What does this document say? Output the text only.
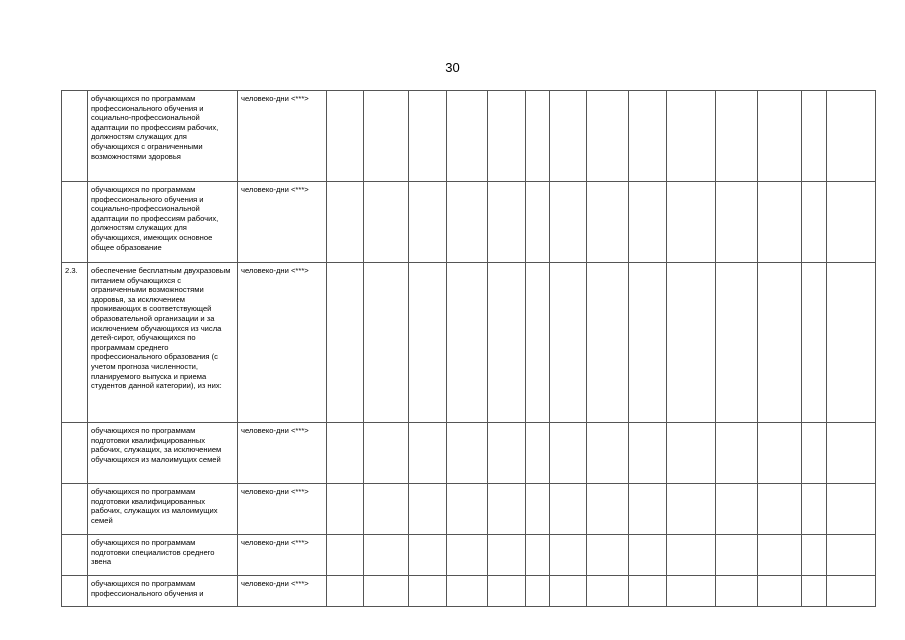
30
	обучающихся по программам профессионального обучения и социально-профессиональной адаптации по профессиям рабочих, должностям служащих для обучающихся с ограниченными возможностями здоровья	человеко-дни <***>														
	обучающихся по программам профессионального обучения и социально-профессиональной адаптации по профессиям рабочих, должностям служащих для обучающихся, имеющих основное общее образование	человеко-дни <***>														
2.3.	обеспечение бесплатным двухразовым питанием обучающихся с ограниченными возможностями здоровья, за исключением проживающих в соответствующей образовательной организации и за исключением обучающихся из числа детей-сирот, обучающихся по программам среднего профессионального образования (с учетом прогноза численности, планируемого выпуска и приема студентов данной категории), из них:	человеко-дни <***>														
	обучающихся по программам подготовки квалифицированных рабочих, служащих, за исключением обучающихся из малоимущих семей	человеко-дни <***>														
	обучающихся по программам подготовки квалифицированных рабочих, служащих из малоимущих семей	человеко-дни <***>														
	обучающихся по программам подготовки специалистов среднего звена	человеко-дни <***>														
	обучающихся по программам профессионального обучения и	человеко-дни <***>														
